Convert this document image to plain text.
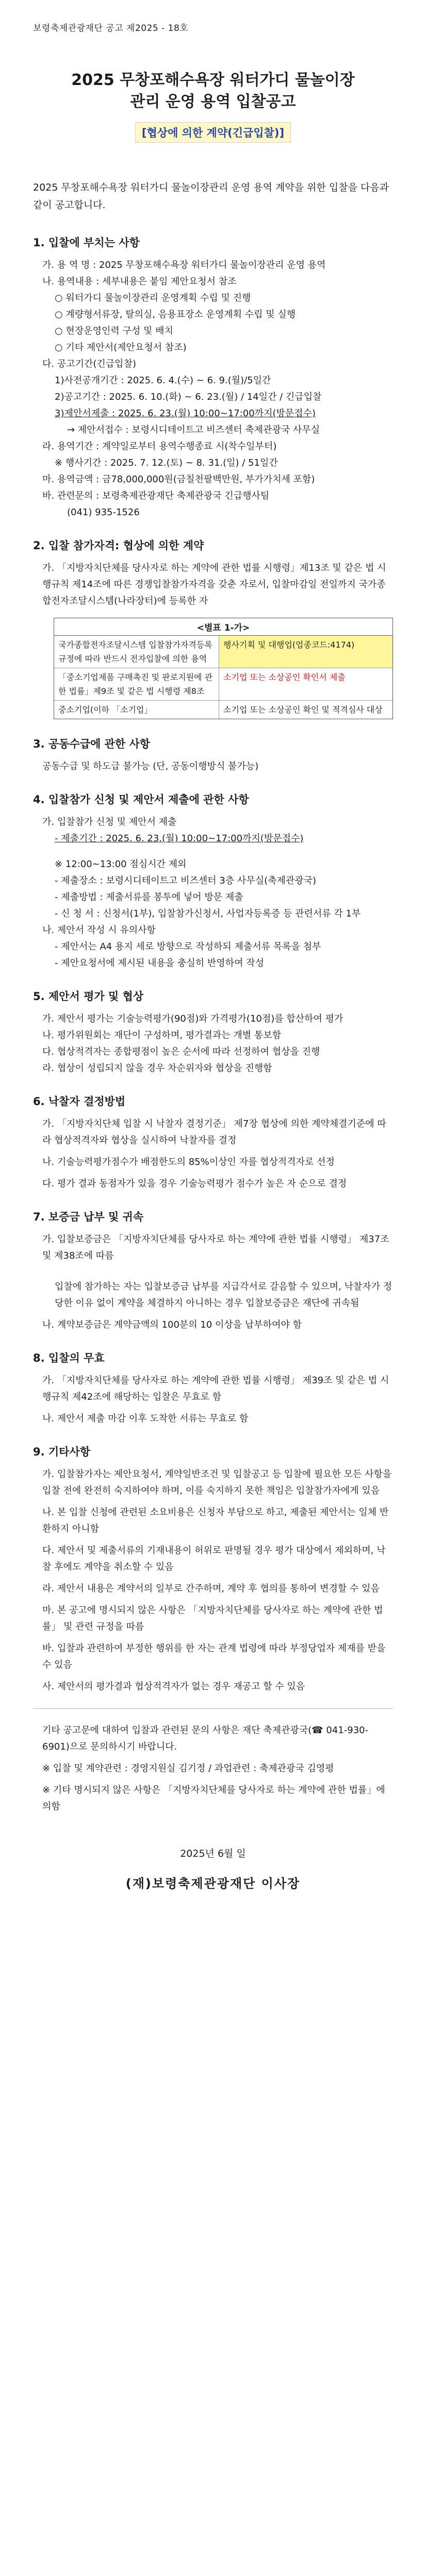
보령축제관광재단 공고 제2025 - 18호

2025 무창포해수욕장 워터가디 물놀이장
관리 운영 용역 입찰공고
[협상에 의한 계약(긴급입찰)]

2025 무창포해수욕장 워터가디 물놀이장관리 운영 용역 계약을 위한 입찰을 다음과 같이 공고합니다.

1. 입찰에 부치는 사항

가. 용 역 명 : 2025 무창포해수욕장 워터가디 물놀이장관리 운영 용역

나. 용역내용 : 세부내용은 붙임 제안요청서 참조

○ 워터가디 물놀이장관리 운영계획 수립 및 진행

○ 계량형서류장, 탈의실, 음용표장소 운영계획 수립 및 실행

○ 현장운영인력 구성 및 배치

○ 기타 제안서(제안요청서 참조)

다. 공고기간(긴급입찰)

1)사전공개기간 : 2025. 6. 4.(수) ~ 6. 9.(월)/5일간

2)공고기간 : 2025. 6. 10.(화) ~ 6. 23.(월) / 14일간 / 긴급입찰

3)제안서제출 : 2025. 6. 23.(월) 10:00~17:00까지(방문접수)

→ 제안서접수 : 보령시디테이트고 비즈센터 축제관광국 사무실

라. 용역기간 : 계약일로부터 용역수행종료 시(착수일부터)

※ 행사기간 : 2025. 7. 12.(토) ~ 8. 31.(일) / 51일간

마. 용역금액 : 금78,000,000원(금칠천팔백만원, 부가가치세 포함)

바. 관련문의 : 보령축제관광재단 축제관광국 긴급행사팀

(041) 935-1526

2. 입찰 참가자격: 협상에 의한 계약

가. 「지방자치단체를 당사자로 하는 계약에 관한 법률 시행령」제13조 및 같은 법 시행규칙 제14조에 따른 경쟁입찰참가자격을 갖춘 자로서, 입찰마감일 전일까지 국가종합전자조달시스템(나라장터)에 등록한 자

<별표 1-가>
국가종합전자조달시스템 입찰참가자격등록규정에 따라 반드시 전자입찰에 의한 용역
행사기획 및 대행업(업종코드:4174)
「중소기업제품 구매촉진 및 판로지원에 관한 법률」제9조 및 같은 법 시행령 제8조
소기업 또는 소상공인 확인서 제출
중소기업(이하 「소기업」	소기업 또는 소상공인 확인 및 적격심사 대상
3. 공동수급에 관한 사항

공동수급 및 하도급 불가능 (단, 공동이행방식 불가능)

4. 입찰참가 신청 및 제안서 제출에 관한 사항

가. 입찰참가 신청 및 제안서 제출

- 제출기간 : 2025. 6. 23.(월) 10:00~17:00까지(방문접수)

※ 12:00~13:00 점심시간 제외

- 제출장소 : 보령시디테이트고 비즈센터 3층 사무실(축제관광국)

- 제출방법 : 제출서류를 봉투에 넣어 방문 제출

- 신 청 서 : 신청서(1부), 입찰참가신청서, 사업자등록증 등 관련서류 각 1부

나. 제안서 작성 시 유의사항

- 제안서는 A4 용지 세로 방향으로 작성하되 제출서류 목록을 첨부

- 제안요청서에 제시된 내용을 충실히 반영하여 작성

5. 제안서 평가 및 협상

가. 제안서 평가는 기술능력평가(90점)와 가격평가(10점)를 합산하여 평가

나. 평가위원회는 재단이 구성하며, 평가결과는 개별 통보함

다. 협상적격자는 종합평점이 높은 순서에 따라 선정하여 협상을 진행

라. 협상이 성립되지 않을 경우 차순위자와 협상을 진행함

6. 낙찰자 결정방법

가. 「지방자치단체 입찰 시 낙찰자 결정기준」 제7장 협상에 의한 계약체결기준에 따라 협상적격자와 협상을 실시하여 낙찰자를 결정

나. 기술능력평가점수가 배점한도의 85%이상인 자를 협상적격자로 선정

다. 평가 결과 동점자가 있을 경우 기술능력평가 점수가 높은 자 순으로 결정

7. 보증금 납부 및 귀속

가. 입찰보증금은 「지방자치단체를 당사자로 하는 계약에 관한 법률 시행령」 제37조 및 제38조에 따름

입찰에 참가하는 자는 입찰보증금 납부를 지급각서로 갈음할 수 있으며, 낙찰자가 정당한 이유 없이 계약을 체결하지 아니하는 경우 입찰보증금은 재단에 귀속됨

나. 계약보증금은 계약금액의 100분의 10 이상을 납부하여야 함

8. 입찰의 무효

가. 「지방자치단체를 당사자로 하는 계약에 관한 법률 시행령」 제39조 및 같은 법 시행규칙 제42조에 해당하는 입찰은 무효로 함

나. 제안서 제출 마감 이후 도착한 서류는 무효로 함

9. 기타사항

가. 입찰참가자는 제안요청서, 계약일반조건 및 입찰공고 등 입찰에 필요한 모든 사항을 입찰 전에 완전히 숙지하여야 하며, 이를 숙지하지 못한 책임은 입찰참가자에게 있음

나. 본 입찰 신청에 관련된 소요비용은 신청자 부담으로 하고, 제출된 제안서는 일체 반환하지 아니함

다. 제안서 및 제출서류의 기재내용이 허위로 판명될 경우 평가 대상에서 제외하며, 낙찰 후에도 계약을 취소할 수 있음

라. 제안서 내용은 계약서의 일부로 간주하며, 계약 후 협의를 통하여 변경할 수 있음

마. 본 공고에 명시되지 않은 사항은 「지방자치단체를 당사자로 하는 계약에 관한 법률」 및 관련 규정을 따름

바. 입찰과 관련하여 부정한 행위를 한 자는 관계 법령에 따라 부정당업자 제재를 받을 수 있음

사. 제안서의 평가결과 협상적격자가 없는 경우 재공고 할 수 있음

기타 공고문에 대하여 입찰과 관련된 문의 사항은 재단 축제관광국(☎ 041-930-6901)으로 문의하시기 바랍니다.

※ 입찰 및 계약관련 : 경영지원실 김기정 / 과업관련 : 축제관광국 김영평

※ 기타 명시되지 않은 사항은 「지방자치단체를 당사자로 하는 계약에 관한 법률」에 의함

2025년 6월 일
(재)보령축제관광재단 이사장
